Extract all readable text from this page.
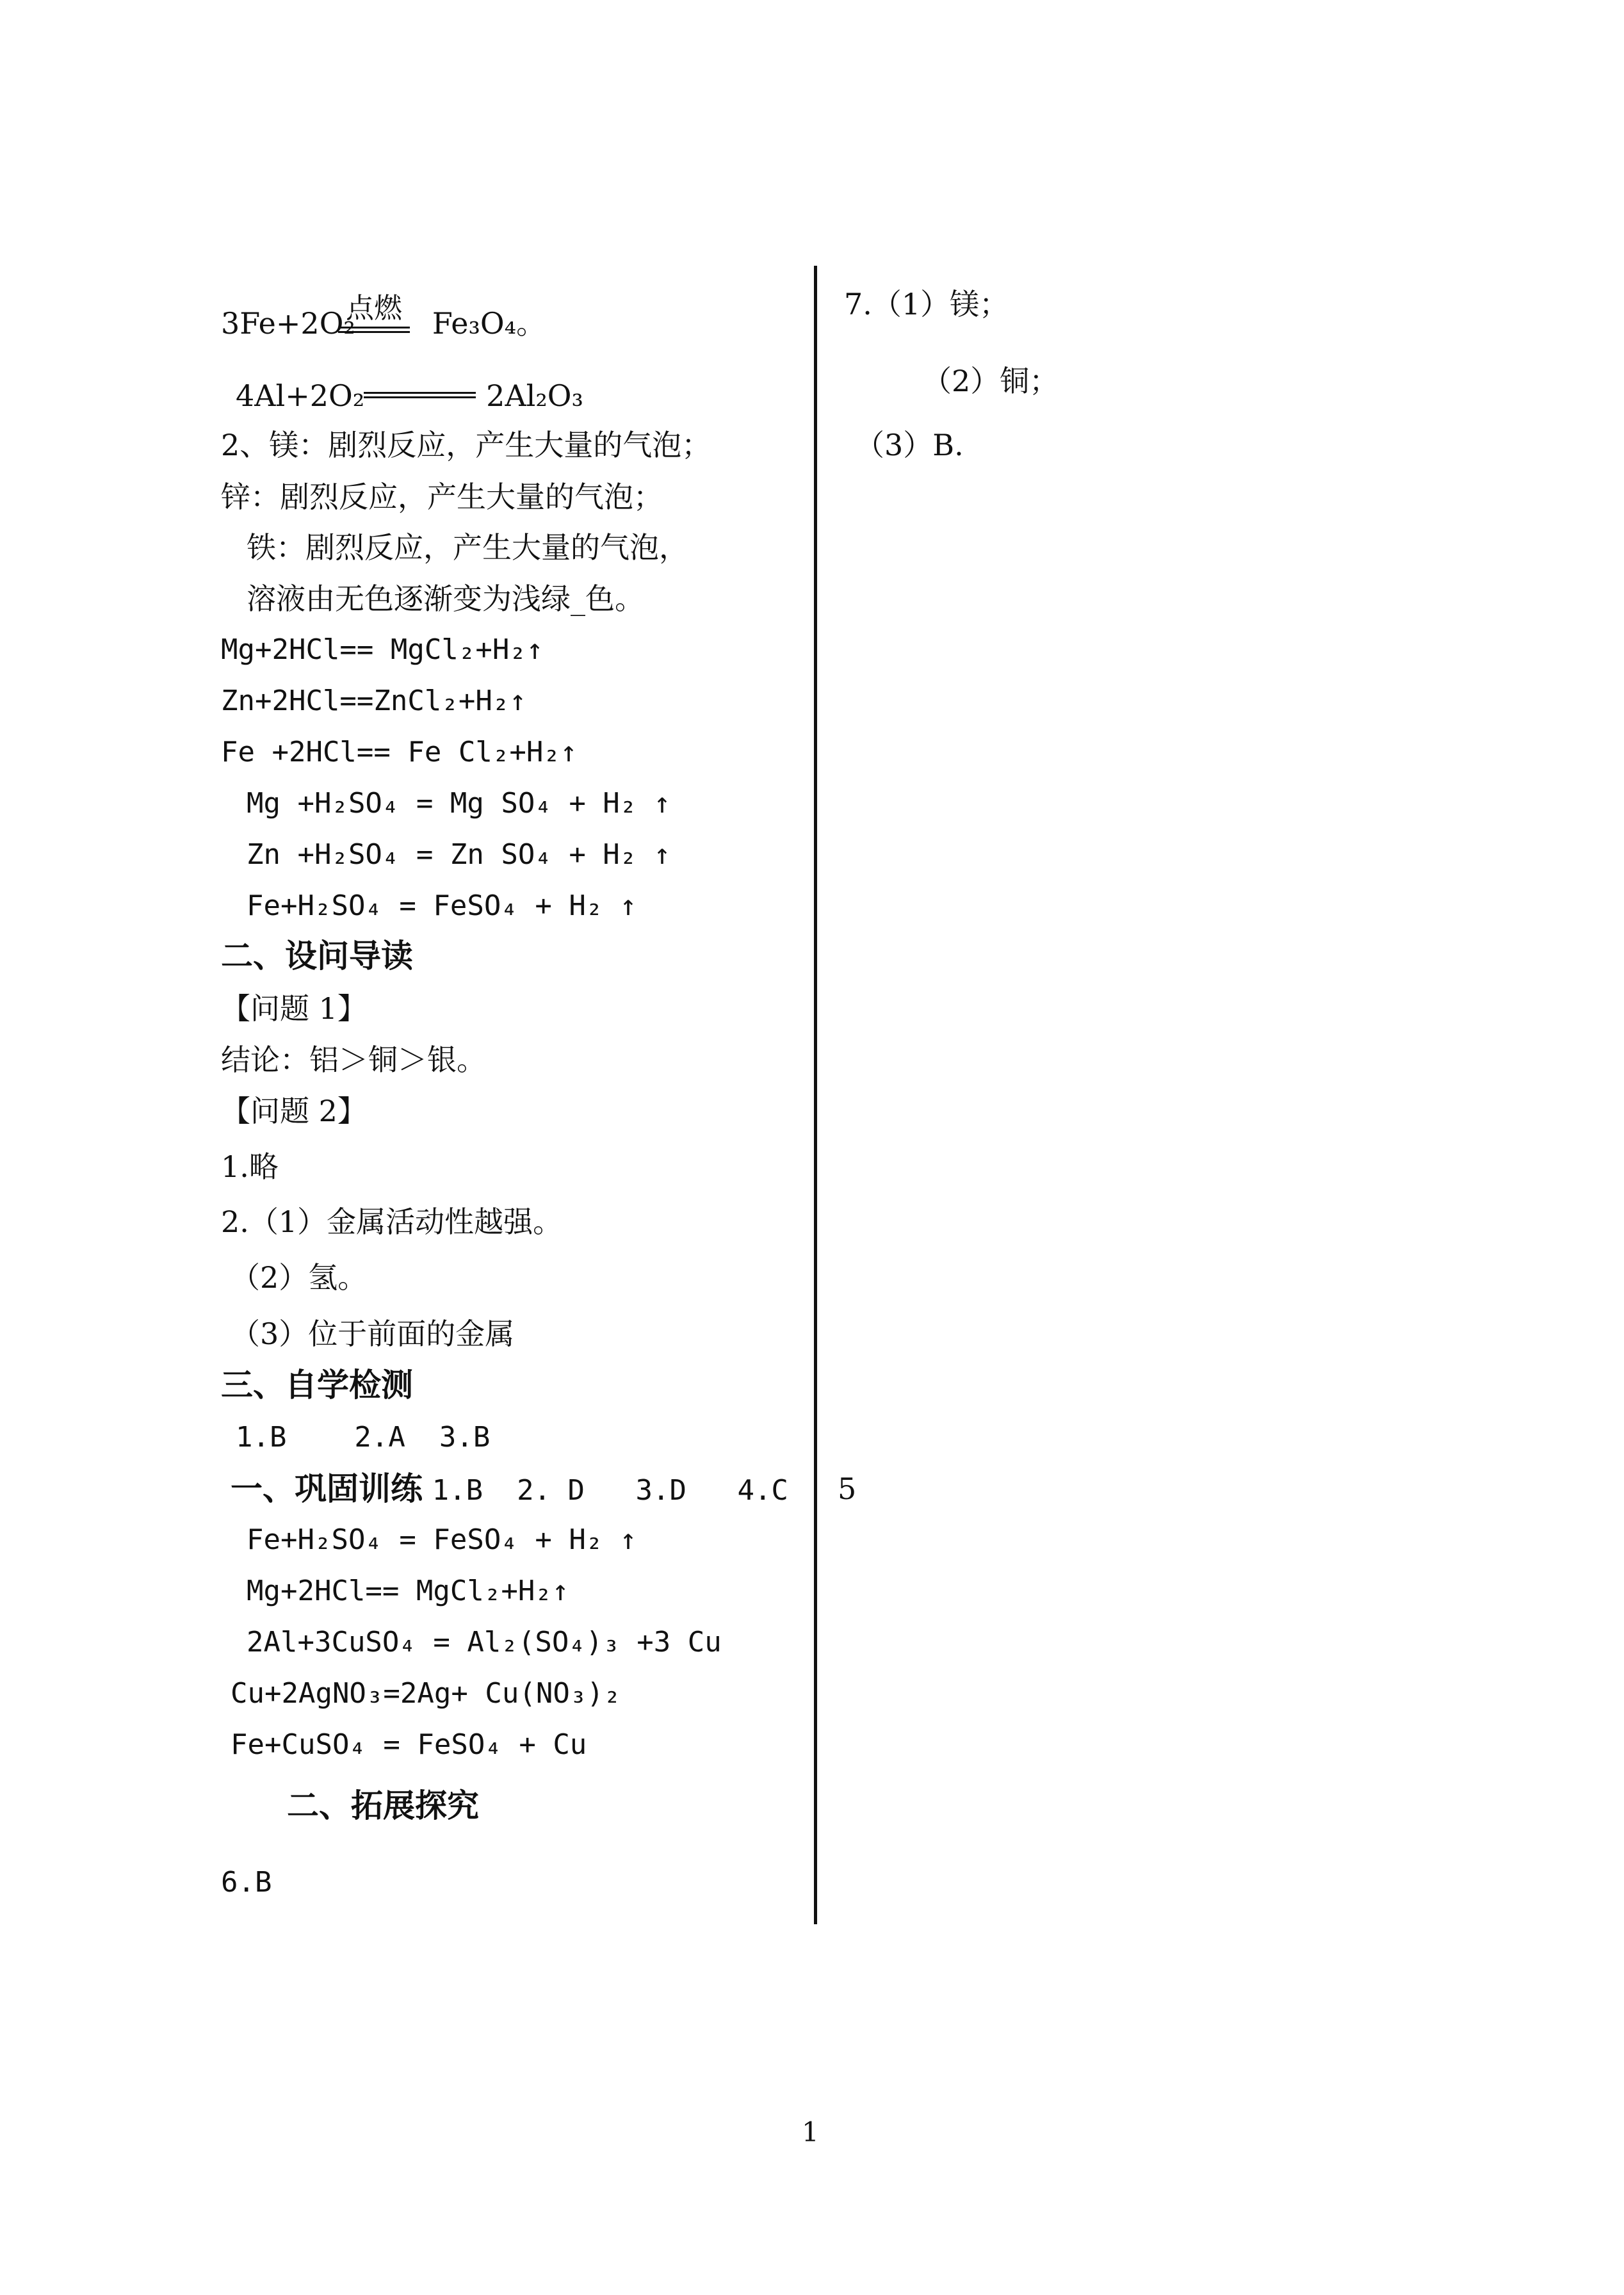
3Fe+2O₂	Fe₃O₄。
点燃
4Al+2O₂	2Al₂O₃
2、镁：剧烈反应，产生大量的气泡；
锌：剧烈反应，产生大量的气泡；
铁：剧烈反应，产生大量的气泡，
溶液由无色逐渐变为浅绿_色。
Mg+2HCl== MgCl₂+H₂↑
Zn+2HCl==ZnCl₂+H₂↑
Fe +2HCl== Fe Cl₂+H₂↑
Mg +H₂SO₄ = Mg SO₄ + H₂ ↑
Zn +H₂SO₄ = Zn SO₄ + H₂ ↑
Fe+H₂SO₄ = FeSO₄ + H₂ ↑
二、设问导读
【问题 1】
结论：铝＞铜＞银。
【问题 2】
1.略
2.（1）金属活动性越强。
（2）氢。
（3）位于前面的金属
三、自学检测
1.B    2.A  3.B
一、巩固训练 1.B  2. D   3.D   4.C
Fe+H₂SO₄ = FeSO₄ + H₂ ↑
Mg+2HCl== MgCl₂+H₂↑
2Al+3CuSO₄ = Al₂(SO₄)₃ +3 Cu
Cu+2AgNO₃=2Ag+ Cu(NO₃)₂
Fe+CuSO₄ = FeSO₄ + Cu
二、拓展探究
6.B
7.（1）镁；
（2）铜；
（3）B.
5
1
